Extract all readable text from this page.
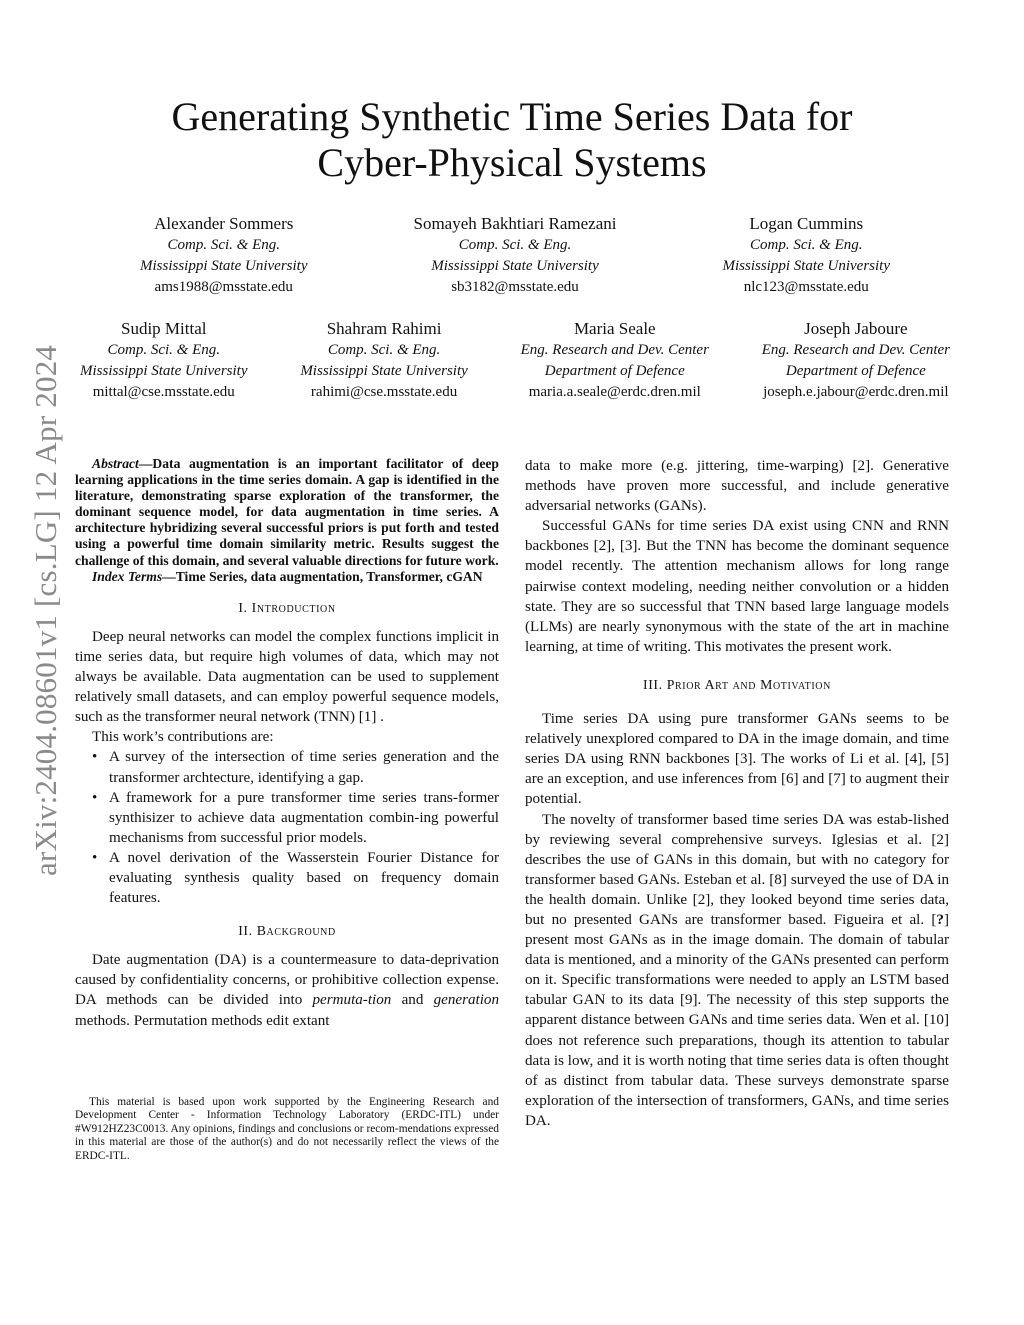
arXiv:2404.08601v1 [cs.LG] 12 Apr 2024
Generating Synthetic Time Series Data for
Cyber-Physical Systems
Alexander Sommers
Comp. Sci. & Eng.
Mississippi State University
ams1988@msstate.edu
Somayeh Bakhtiari Ramezani
Comp. Sci. & Eng.
Mississippi State University
sb3182@msstate.edu
Logan Cummins
Comp. Sci. & Eng.
Mississippi State University
nlc123@msstate.edu
Sudip Mittal
Comp. Sci. & Eng.
Mississippi State University
mittal@cse.msstate.edu
Shahram Rahimi
Comp. Sci. & Eng.
Mississippi State University
rahimi@cse.msstate.edu
Maria Seale
Eng. Research and Dev. Center
Department of Defence
maria.a.seale@erdc.dren.mil
Joseph Jaboure
Eng. Research and Dev. Center
Department of Defence
joseph.e.jabour@erdc.dren.mil

Abstract—Data augmentation is an important facilitator of deep learning applications in the time series domain. A gap is identified in the literature, demonstrating sparse exploration of the transformer, the dominant sequence model, for data augmentation in time series. A architecture hybridizing several successful priors is put forth and tested using a powerful time domain similarity metric. Results suggest the challenge of this domain, and several valuable directions for future work.

Index Terms—Time Series, data augmentation, Transformer, cGAN

I. Introduction

Deep neural networks can model the complex functions implicit in time series data, but require high volumes of data, which may not always be available. Data augmentation can be used to supplement relatively small datasets, and can employ powerful sequence models, such as the transformer neural network (TNN) [1] .

This work’s contributions are:

• A survey of the intersection of time series generation and the transformer archtecture, identifying a gap.
• A framework for a pure transformer time series trans-former synthisizer to achieve data augmentation combin-ing powerful mechanisms from successful prior models.
• A novel derivation of the Wasserstein Fourier Distance for evaluating synthesis quality based on frequency domain features.
II. Background

Date augmentation (DA) is a countermeasure to data-deprivation caused by confidentiality concerns, or prohibitive collection expense. DA methods can be divided into permuta-tion and generation methods. Permutation methods edit extant

This material is based upon work supported by the Engineering Research and Development Center - Information Technology Laboratory (ERDC-ITL) under #W912HZ23C0013. Any opinions, findings and conclusions or recom-mendations expressed in this material are those of the author(s) and do not necessarily reflect the views of the ERDC-ITL.

data to make more (e.g. jittering, time-warping) [2]. Generative methods have proven more successful, and include generative adversarial networks (GANs).

Successful GANs for time series DA exist using CNN and RNN backbones [2], [3]. But the TNN has become the dominant sequence model recently. The attention mechanism allows for long range pairwise context modeling, needing neither convolution or a hidden state. They are so successful that TNN based large language models (LLMs) are nearly synonymous with the state of the art in machine learning, at time of writing. This motivates the present work.

III. Prior Art and Motivation

Time series DA using pure transformer GANs seems to be relatively unexplored compared to DA in the image domain, and time series DA using RNN backbones [3]. The works of Li et al. [4], [5] are an exception, and use inferences from [6] and [7] to augment their potential.

The novelty of transformer based time series DA was estab-lished by reviewing several comprehensive surveys. Iglesias et al. [2] describes the use of GANs in this domain, but with no category for transformer based GANs. Esteban et al. [8] surveyed the use of DA in the health domain. Unlike [2], they looked beyond time series data, but no presented GANs are transformer based. Figueira et al. [?] present most GANs as in the image domain. The domain of tabular data is mentioned, and a minority of the GANs presented can perform on it. Specific transformations were needed to apply an LSTM based tabular GAN to its data [9]. The necessity of this step supports the apparent distance between GANs and time series data. Wen et al. [10] does not reference such preparations, though its attention to tabular data is low, and it is worth noting that time series data is often thought of as distinct from tabular data. These surveys demonstrate sparse exploration of the intersection of transformers, GANs, and time series DA.
